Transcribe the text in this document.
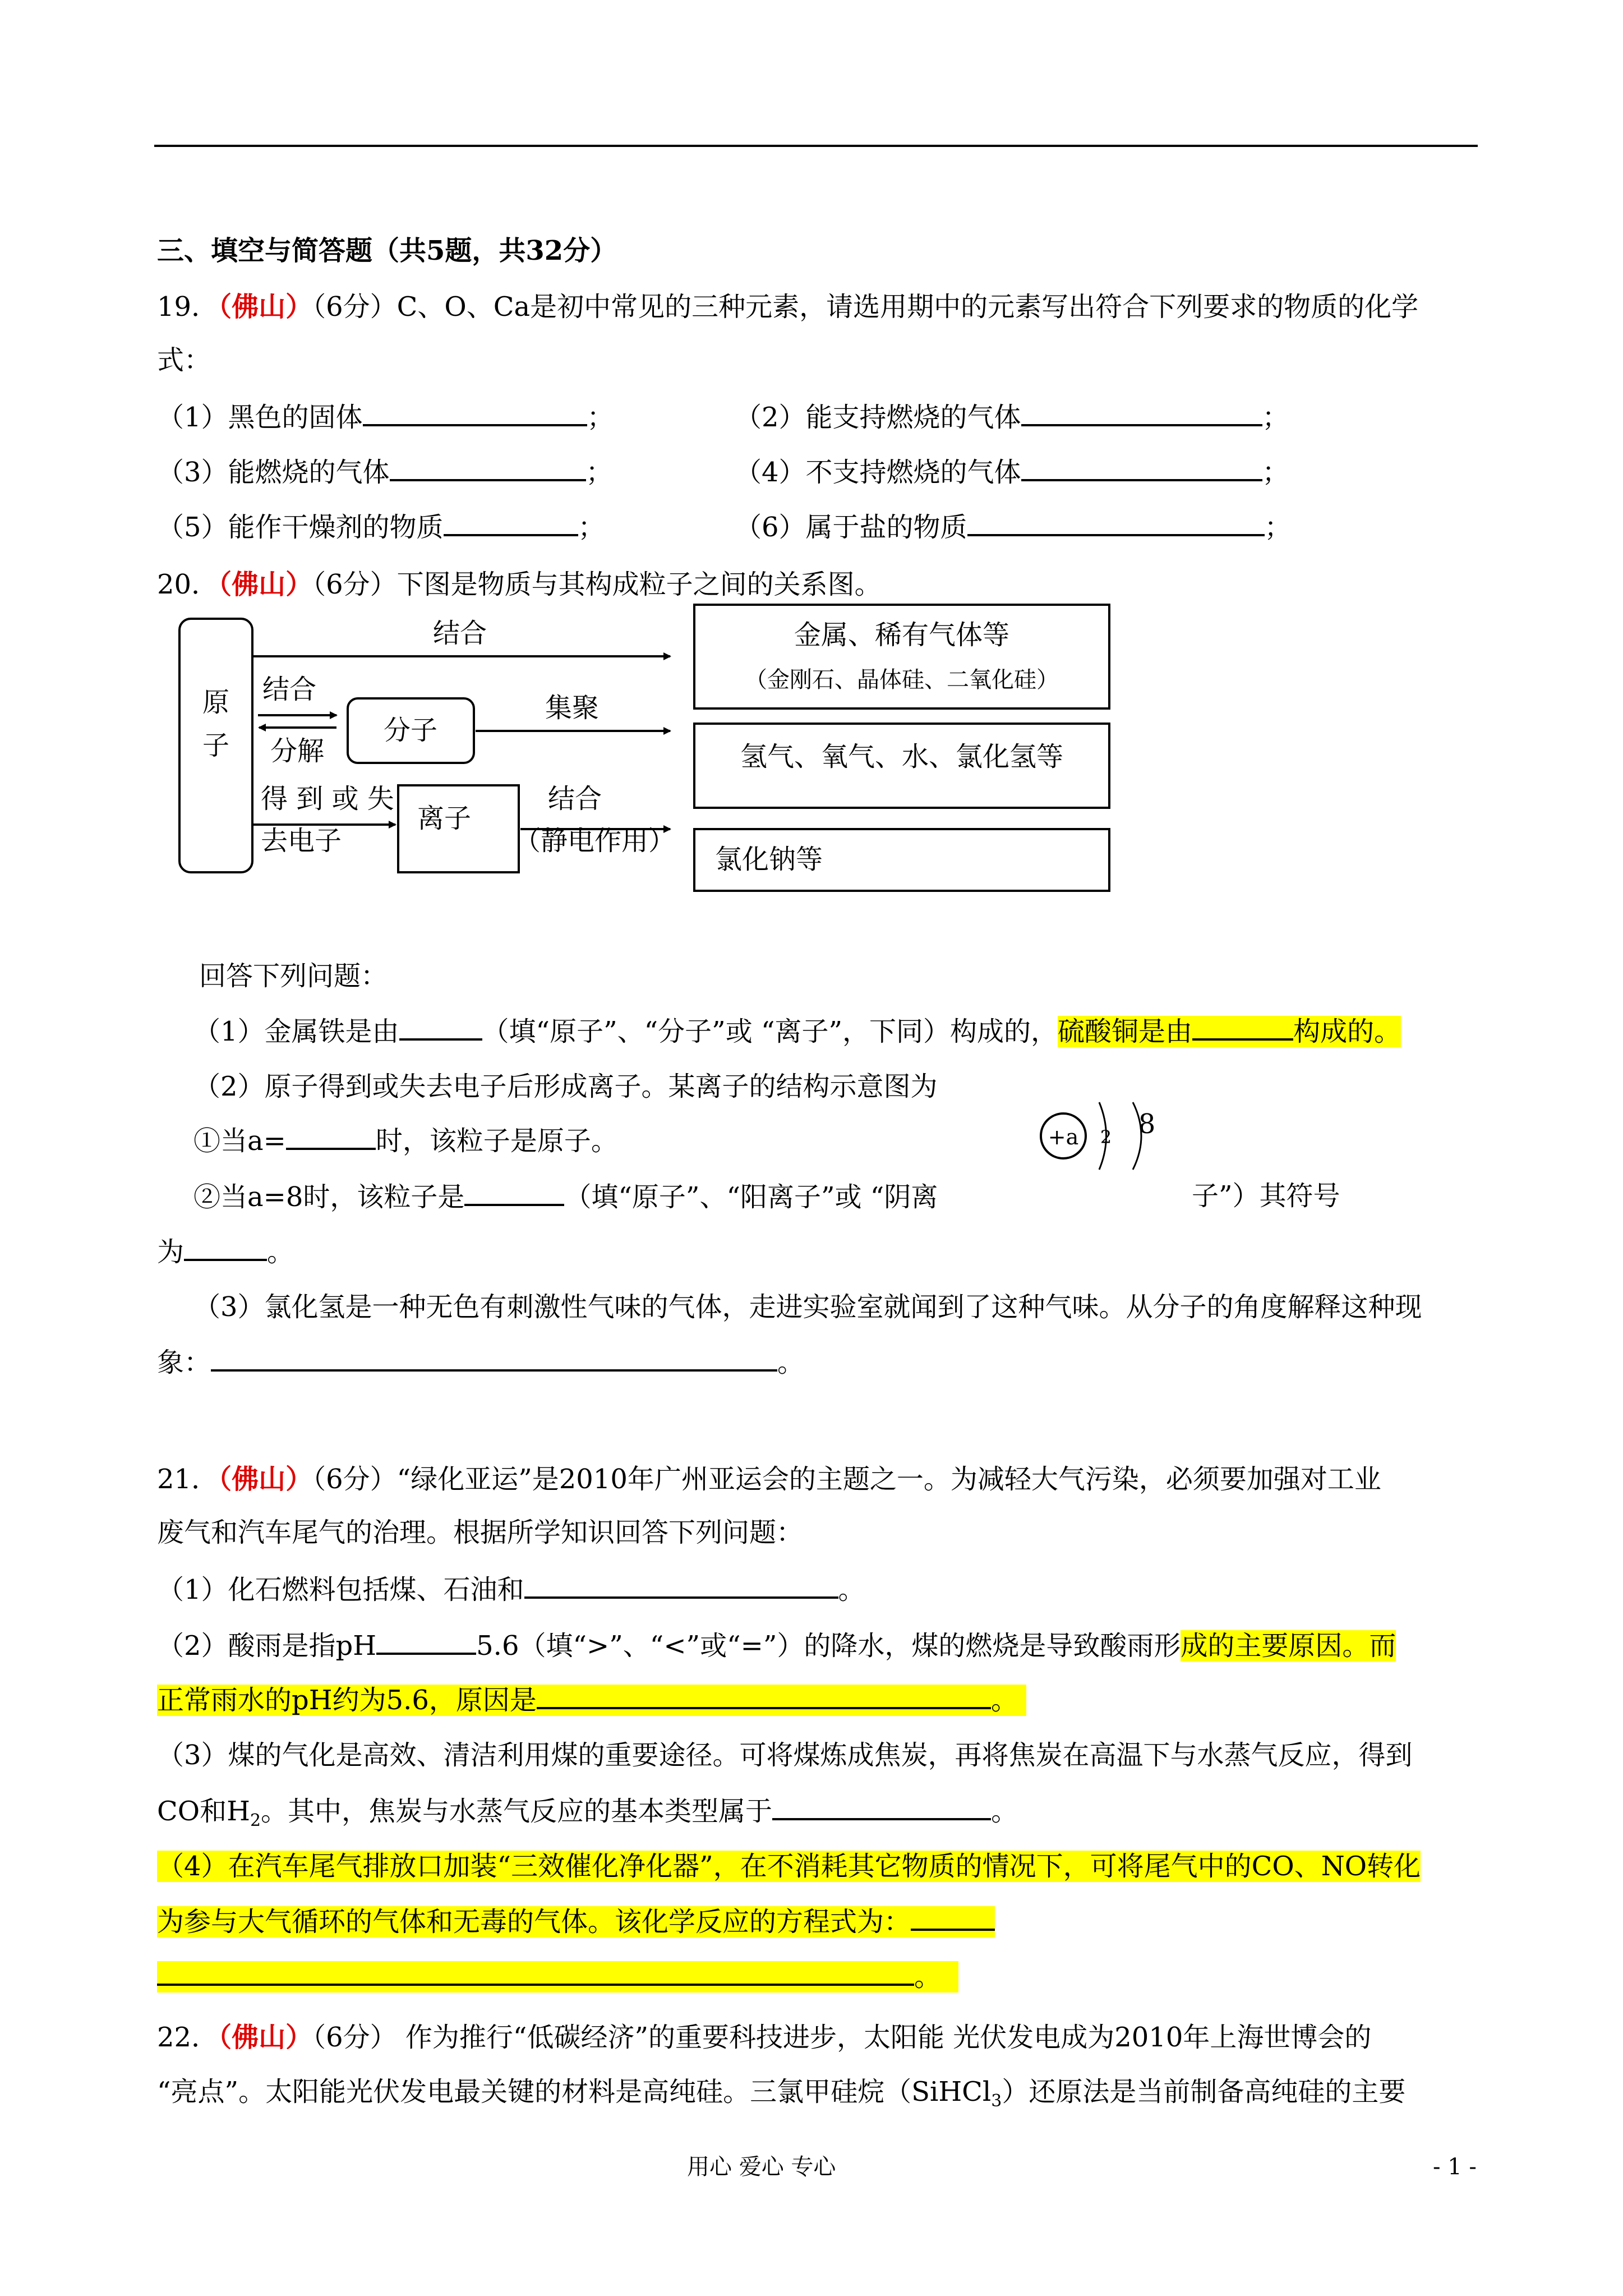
三、填空与简答题（共5题，共32分）
19．（佛山）（6分）C、O、Ca是初中常见的三种元素，请选用期中的元素写出符合下列要求的物质的化学
式：
（1）黑色的固体	；	（2）能支持燃烧的气体	；
（3）能燃烧的气体	；	（4）不支持燃烧的气体	；
（5）能作干燥剂的物质	；	（6）属于盐的物质	；
20．（佛山）（6分）下图是物质与其构成粒子之间的关系图。
原
子
结合
结合
分解
分子
集聚
得 到 或 失
去电子
离子
结合
（静电作用）
金属、稀有气体等
（金刚石、晶体硅、二氧化硅）
氢气、氧气、水、氯化氢等
氯化钠等
回答下列问题：
（1）金属铁是由	（填“原子”、“分子”或 “离子”，下同）构成的，硫酸铜是由	构成的。
（2）原子得到或失去电子后形成离子。某离子的结构示意图为
①当a=	时，该粒子是原子。	+a 2 8
②当a=8时，该粒子是	（填“原子”、“阳离子”或 “阴离	子”）其符号
为	。
（3）氯化氢是一种无色有刺激性气味的气体，走进实验室就闻到了这种气味。从分子的角度解释这种现
象：	。
21．（佛山）（6分）“绿化亚运”是2010年广州亚运会的主题之一。为减轻大气污染，必须要加强对工业
废气和汽车尾气的治理。根据所学知识回答下列问题：
（1）化石燃料包括煤、石油和	。
（2）酸雨是指pH	5.6（填“>”、“<”或“=”）的降水，煤的燃烧是导致酸雨形成的主要原因。而
正常雨水的pH约为5.6，原因是	。
（3）煤的气化是高效、清洁利用煤的重要途径。可将煤炼成焦炭，再将焦炭在高温下与水蒸气反应，得到
CO和$H_2$。其中，焦炭与水蒸气反应的基本类型属于	。
（4）在汽车尾气排放口加装“三效催化净化器”，在不消耗其它物质的情况下，可将尾气中的CO、NO转化
为参与大气循环的气体和无毒的气体。该化学反应的方程式为：
。
22．（佛山）（6分） 作为推行“低碳经济”的重要科技进步，太阳能 光伏发电成为2010年上海世博会的
“亮点”。太阳能光伏发电最关键的材料是高纯硅。三氯甲硅烷（SiHCl$_3$）还原法是当前制备高纯硅的主要
用心 爱心 专心	- 1 -
